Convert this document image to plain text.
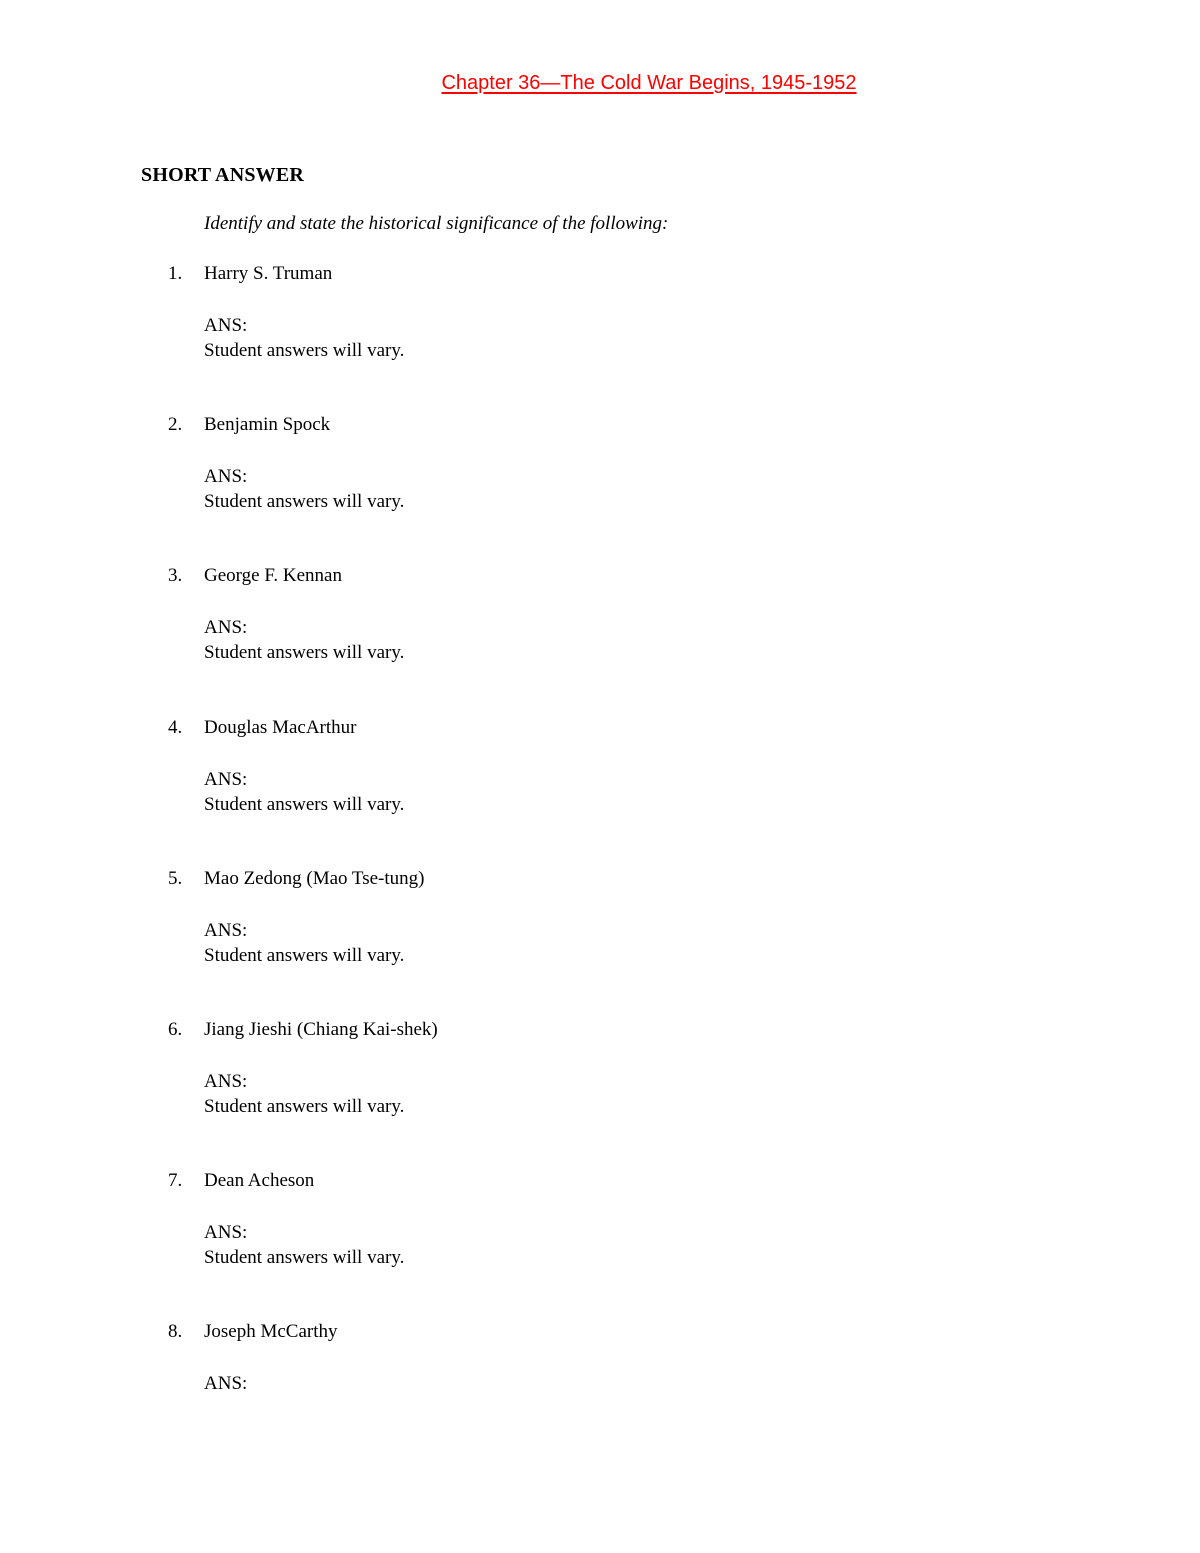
Chapter 36—The Cold War Begins, 1945-1952
SHORT ANSWER
Identify and state the historical significance of the following:
1.	Harry S. Truman
ANS:
Student answers will vary.
2.	Benjamin Spock
ANS:
Student answers will vary.
3.	George F. Kennan
ANS:
Student answers will vary.
4.	Douglas MacArthur
ANS:
Student answers will vary.
5.	Mao Zedong (Mao Tse-tung)
ANS:
Student answers will vary.
6.	Jiang Jieshi (Chiang Kai-shek)
ANS:
Student answers will vary.
7.	Dean Acheson
ANS:
Student answers will vary.
8.	Joseph McCarthy
ANS:
